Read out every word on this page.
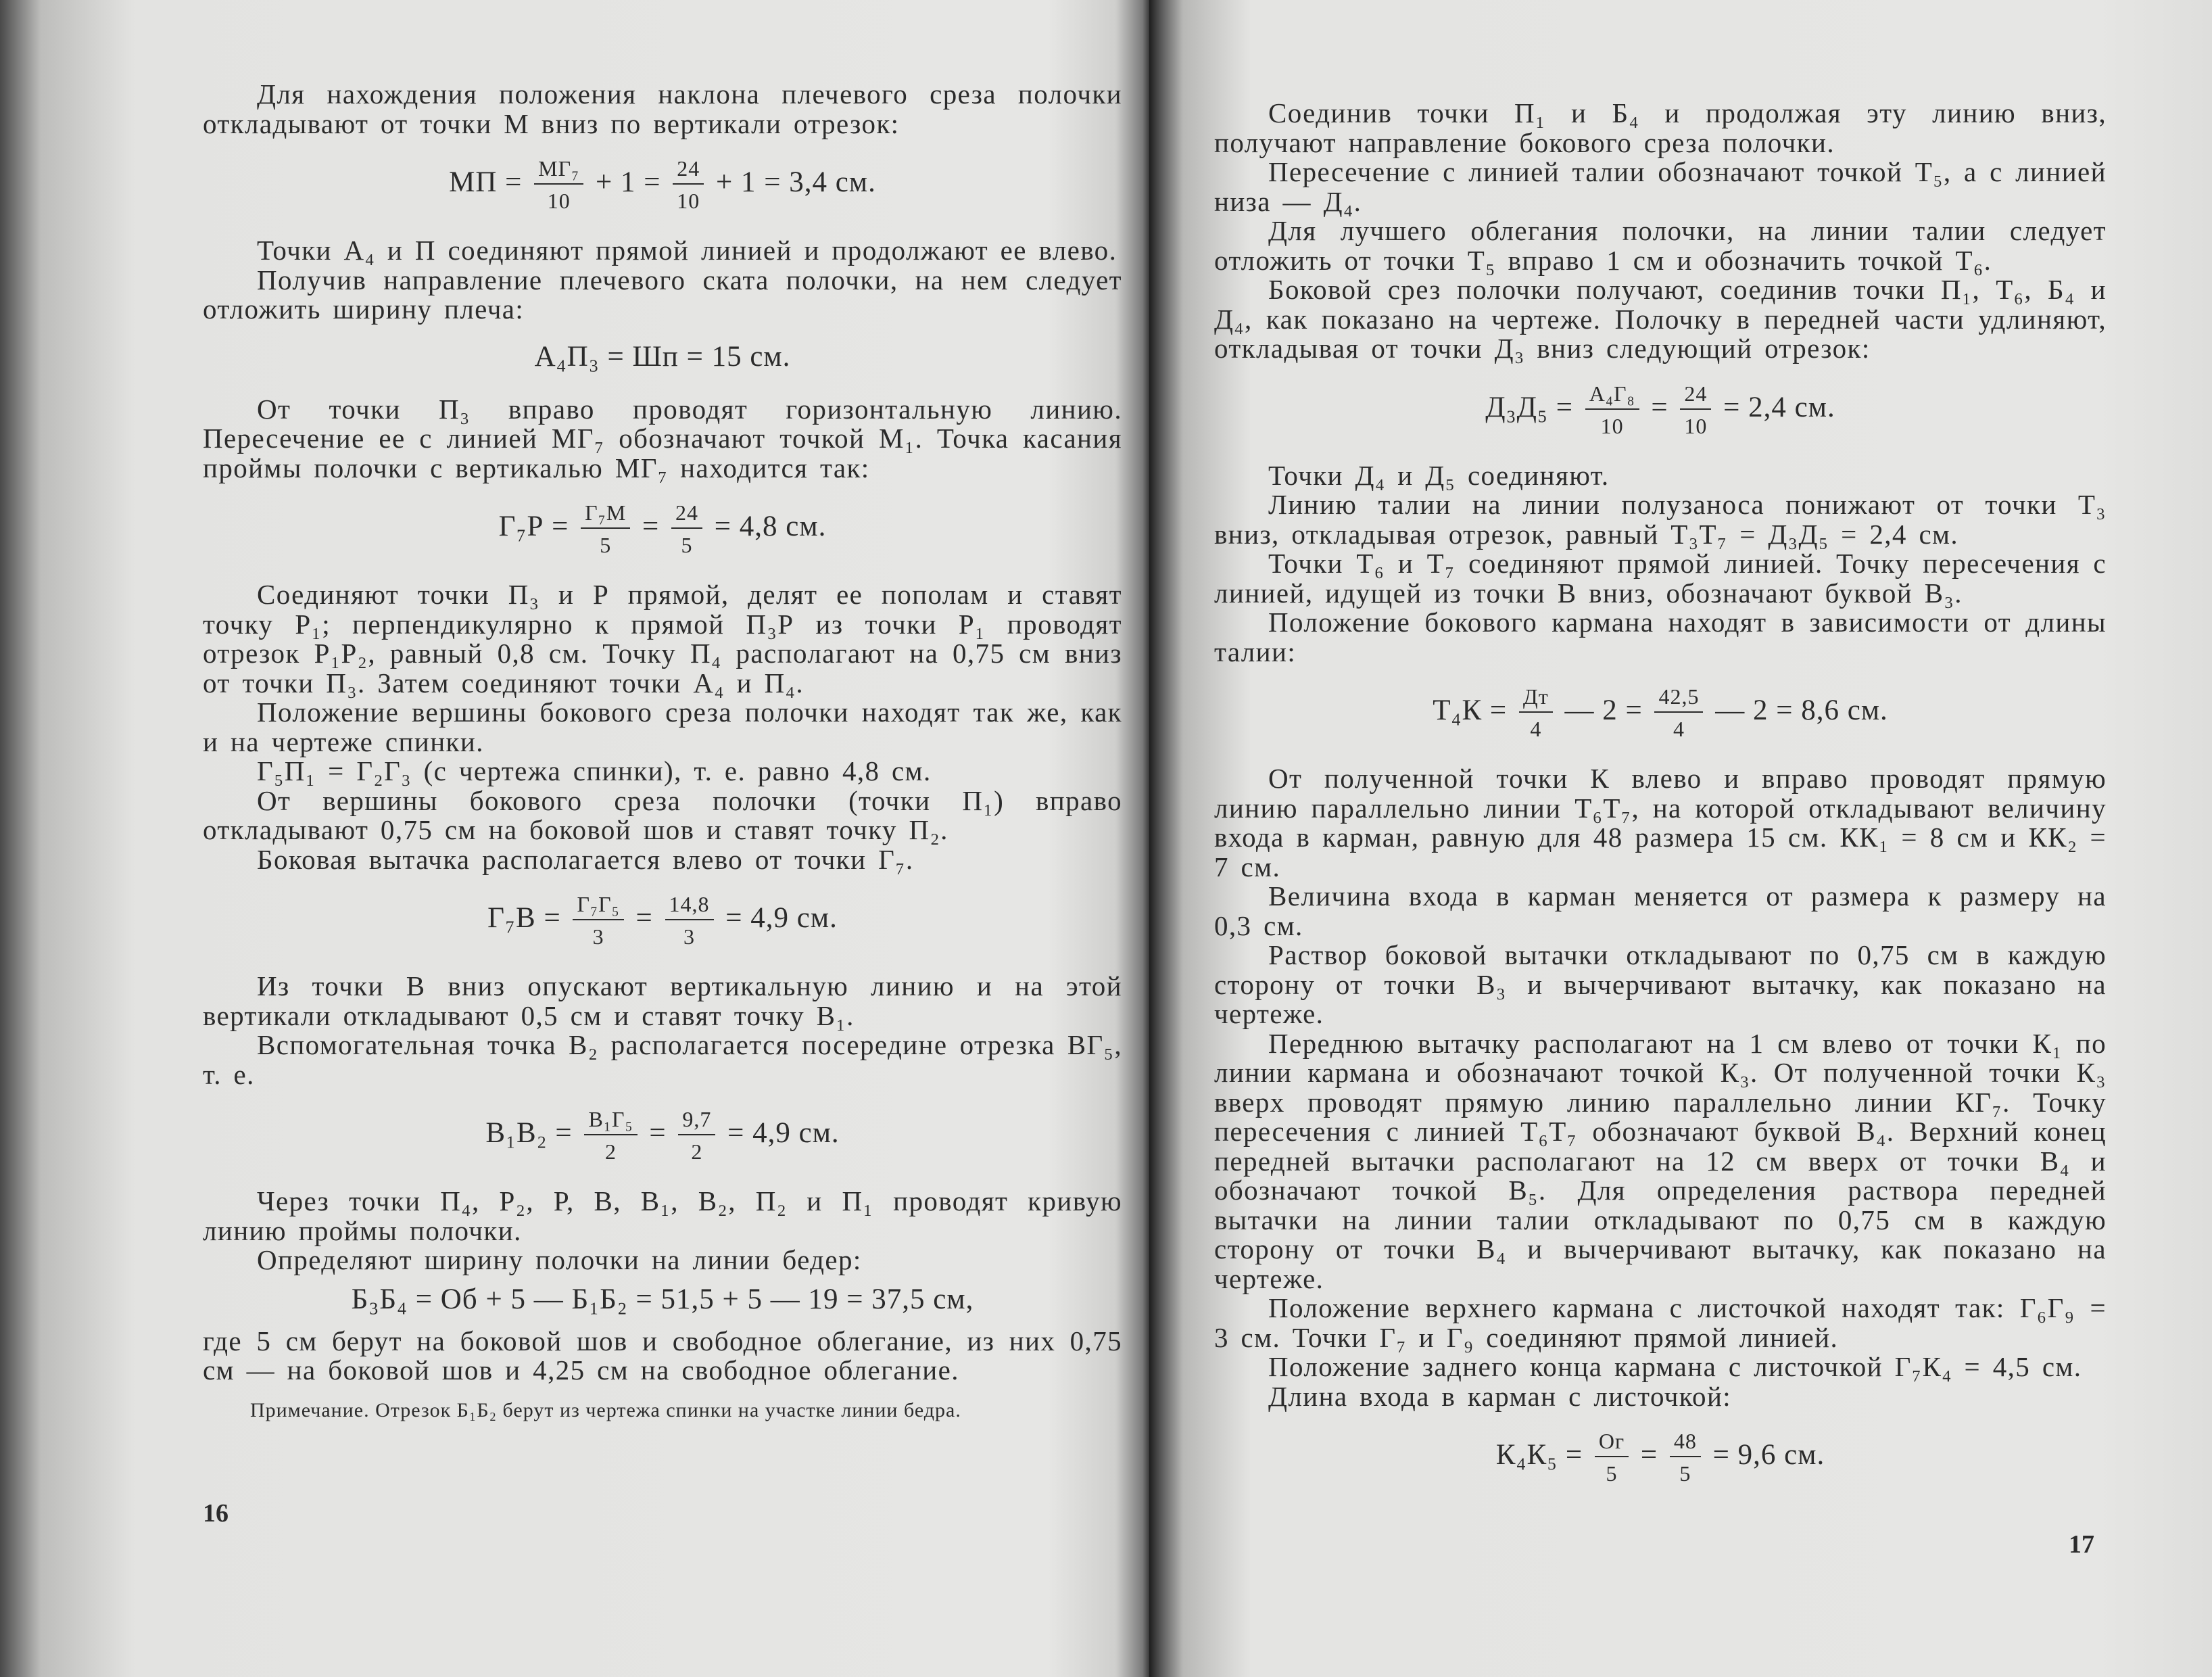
Для нахождения положения наклона плечевого среза полочки откладывают от точки М вниз по вертикали отрезок:

МП = $\frac{\text{МГ₇}}{10} + 1 = \frac{24}{10} + 1 = 3,4$ см.

Точки А₄ и П соединяют прямой линией и продолжают ее влево.

Получив направление плечевого ската полочки, на нем следует отложить ширину плеча:

А₄П₃ = Шп = 15 см.

От точки П₃ вправо проводят горизонтальную линию. Пересечение ее с линией МГ₇ обозначают точкой М₁. Точка касания проймы полочки с вертикалью МГ₇ находится так:

$Г_7Р = \frac{\text{Г₇М}}{5} = \frac{24}{5} = 4,8$ см.

Соединяют точки П₃ и Р прямой, делят ее пополам и ставят точку Р₁; перпендикулярно к прямой П₃Р из точки Р₁ проводят отрезок Р₁Р₂, равный 0,8 см. Точку П₄ располагают на 0,75 см вниз от точки П₃. Затем соединяют точки А₄ и П₄.

Положение вершины бокового среза полочки находят так же, как и на чертеже спинки.

Г₅П₁ = Г₂Г₃ (с чертежа спинки), т. е. равно 4,8 см.

От вершины бокового среза полочки (точки П₁) вправо откладывают 0,75 см на боковой шов и ставят точку П₂.

Боковая вытачка располагается влево от точки Г₇.

$Г_7В = \frac{\text{Г₇Г₅}}{3} = \frac{14,8}{3} = 4,9$ см.

Из точки В вниз опускают вертикальную линию и на этой вертикали откладывают 0,5 см и ставят точку В₁.

Вспомогательная точка В₂ располагается посередине отрезка ВГ₅, т. е.

$В_1В_2 = \frac{\text{В₁Г₅}}{2} = \frac{9,7}{2} = 4,9$ см.

Через точки П₄, Р₂, Р, В, В₁, В₂, П₂ и П₁ проводят кривую линию проймы полочки.

Определяют ширину полочки на линии бедер:

Б₃Б₄ = Об + 5 — Б₁Б₂ = 51,5 + 5 — 19 = 37,5 см,

где 5 см берут на боковой шов и свободное облегание, из них 0,75 см — на боковой шов и 4,25 см на свободное облегание.

Примечание. Отрезок Б₁Б₂ берут из чертежа спинки на участке линии бедра.
16

Соединив точки П₁ и Б₄ и продолжая эту линию вниз, получают направление бокового среза полочки.

Пересечение с линией талии обозначают точкой Т₅, а с линией низа — Д₄.

Для лучшего облегания полочки, на линии талии следует отложить от точки Т₅ вправо 1 см и обозначить точкой Т₆.

Боковой срез полочки получают, соединив точки П₁, Т₆, Б₄ и Д₄, как показано на чертеже. Полочку в передней части удлиняют, откладывая от точки Д₃ вниз следующий отрезок:

$Д_3Д_5 = \frac{\text{А₄Г₈}}{10} = \frac{24}{10} = 2,4$ см.

Точки Д₄ и Д₅ соединяют.

Линию талии на линии полузаноса понижают от точки Т₃ вниз, откладывая отрезок, равный Т₃Т₇ = Д₃Д₅ = 2,4 см.

Точки Т₆ и Т₇ соединяют прямой линией. Точку пересечения с линией, идущей из точки В вниз, обозначают буквой В₃.

Положение бокового кармана находят в зависимости от длины талии:

$Т_4К = \frac{Дт}{4}$ — $2 = \frac{42,5}{4}$ — 2 = 8,6 см.

От полученной точки К влево и вправо проводят прямую линию параллельно линии Т₆Т₇, на которой откладывают величину входа в карман, равную для 48 размера 15 см. КК₁ = 8 см и КК₂ = 7 см.

Величина входа в карман меняется от размера к размеру на 0,3 см.

Раствор боковой вытачки откладывают по 0,75 см в каждую сторону от точки В₃ и вычерчивают вытачку, как показано на чертеже.

Переднюю вытачку располагают на 1 см влево от точки К₁ по линии кармана и обозначают точкой К₃. От полученной точки К₃ вверх проводят прямую линию параллельно линии КГ₇. Точку пересечения с линией Т₆Т₇ обозначают буквой В₄. Верхний конец передней вытачки располагают на 12 см вверх от точки В₄ и обозначают точкой В₅. Для определения раствора передней вытачки на линии талии откладывают по 0,75 см в каждую сторону от точки В₄ и вычерчивают вытачку, как показано на чертеже.

Положение верхнего кармана с листочкой находят так: Г₆Г₉ = 3 см. Точки Г₇ и Г₉ соединяют прямой линией.

Положение заднего конца кармана с листочкой Г₇К₄ = 4,5 см.

Длина входа в карман с листочкой:

$К_4К_5 = \frac{Ог}{5} = \frac{48}{5} = 9,6$ см.
17
